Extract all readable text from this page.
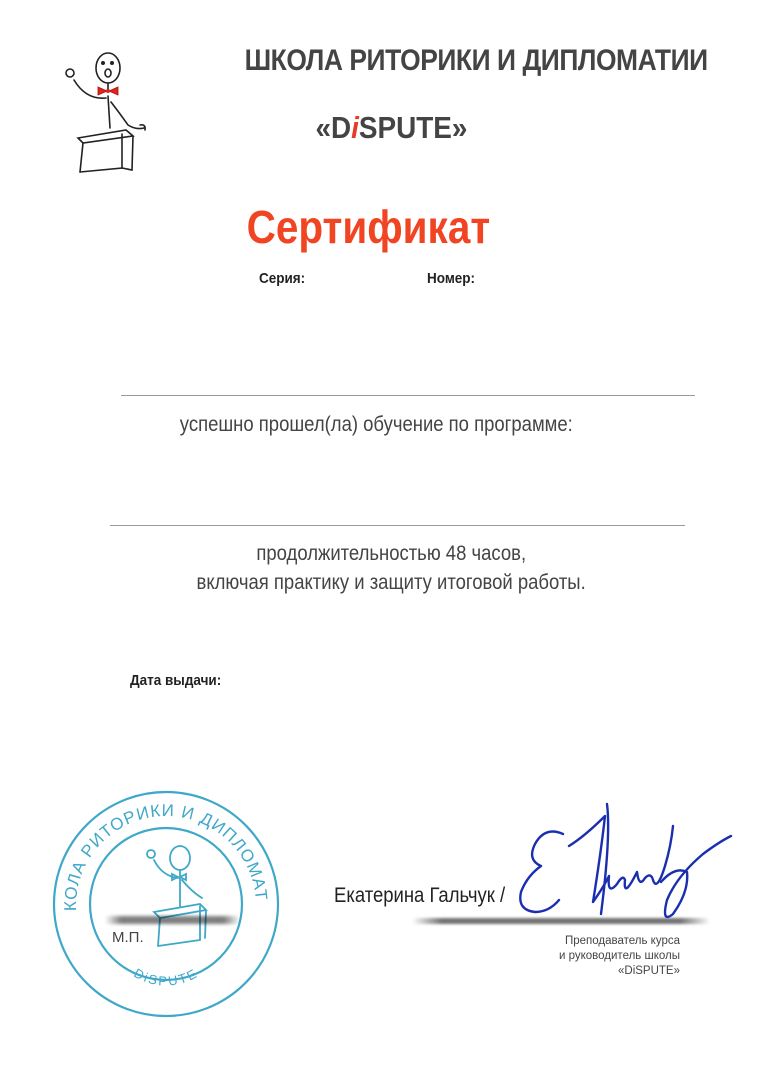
ШКОЛА РИТОРИКИ И ДИПЛОМАТИИ
«DiSPUTE»
Сертификат
Серия:	Номер:
успешно прошел(ла) обучение по программе:
продолжительностью 48 часов,
включая практику и защиту итоговой работы.
Дата выдачи:
КОЛА РИТОРИКИ И ДИПЛОМАТ
DiSPUTE
М.П.
Екатерина Гальчук /
Преподаватель курса
и руководитель школы
«DiSPUTE»
